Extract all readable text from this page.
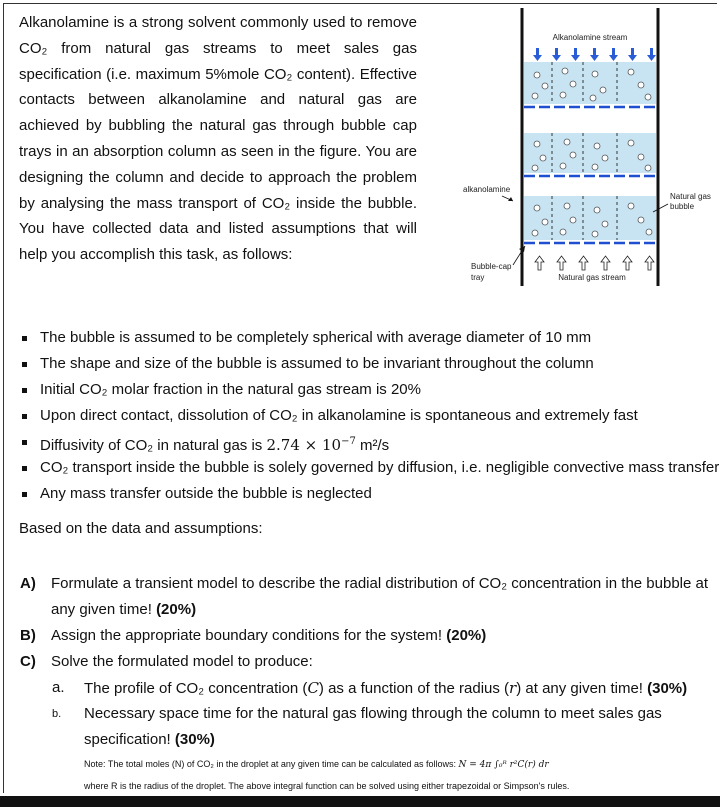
Alkanolamine is a strong solvent commonly used to remove CO₂ from natural gas streams to meet sales gas specification (i.e. maximum 5%mole CO₂ content). Effective contacts between alkanolamine and natural gas are achieved by bubbling the natural gas through bubble cap trays in an absorption column as seen in the figure. You are designing the column and decide to approach the problem by analysing the mass transport of CO₂ inside the bubble. You have collected data and listed assumptions that will help you accomplish this task, as follows:

Alkanolamine stream
alkanolamine
Natural gas
bubble
Bubble-cap
tray	Natural gas stream
The bubble is assumed to be completely spherical with average diameter of 10 mm
The shape and size of the bubble is assumed to be invariant throughout the column
Initial CO₂ molar fraction in the natural gas stream is 20%
Upon direct contact, dissolution of CO₂ in alkanolamine is spontaneous and extremely fast
Diffusivity of CO₂ in natural gas is $2.74 \times 10^{-7}$ m²/s
CO₂ transport inside the bubble is solely governed by diffusion, i.e. negligible convective mass transfer
Any mass transfer outside the bubble is neglected
Based on the data and assumptions:
A)	Formulate a transient model to describe the radial distribution of CO₂ concentration in the bubble at any given time! (20%)
B)	Assign the appropriate boundary conditions for the system! (20%)
C)	Solve the formulated model to produce:
a. The profile of CO₂ concentration (C) as a function of the radius (r) at any given time! (30%)
b. Necessary space time for the natural gas flowing through the column to meet sales gas specification! (30%)
Note: The total moles (N) of CO₂ in the droplet at any given time can be calculated as follows: N = 4π ∫₀ᴿ r²C(r) dr
where R is the radius of the droplet. The above integral function can be solved using either trapezoidal or Simpson's rules.
